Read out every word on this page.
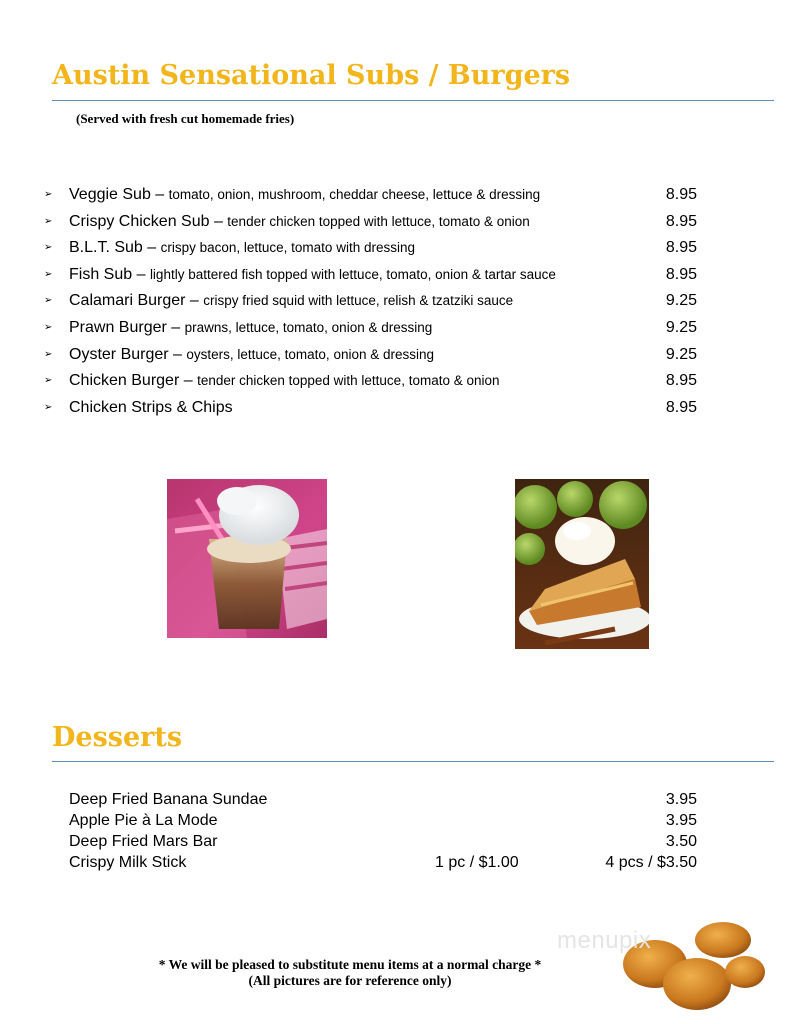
Austin Sensational Subs / Burgers
(Served with fresh cut homemade fries)
➢ Veggie Sub – tomato, onion, mushroom, cheddar cheese, lettuce & dressing	8.95
➢ Crispy Chicken Sub – tender chicken topped with lettuce, tomato & onion	8.95
➢ B.L.T. Sub – crispy bacon, lettuce, tomato with dressing	8.95
➢ Fish Sub – lightly battered fish topped with lettuce, tomato, onion & tartar sauce	8.95
➢ Calamari Burger – crispy fried squid with lettuce, relish & tzatziki sauce	9.25
➢ Prawn Burger – prawns, lettuce, tomato, onion & dressing	9.25
➢ Oyster Burger – oysters, lettuce, tomato, onion & dressing	9.25
➢ Chicken Burger – tender chicken topped with lettuce, tomato & onion	8.95
➢ Chicken Strips & Chips	8.95
Desserts
Deep Fried Banana Sundae	3.95
Apple Pie à La Mode	3.95
Deep Fried Mars Bar	3.50
Crispy Milk Stick	1 pc / $1.00	4 pcs / $3.50
menupix
* We will be pleased to substitute menu items at a normal charge *
(All pictures are for reference only)
